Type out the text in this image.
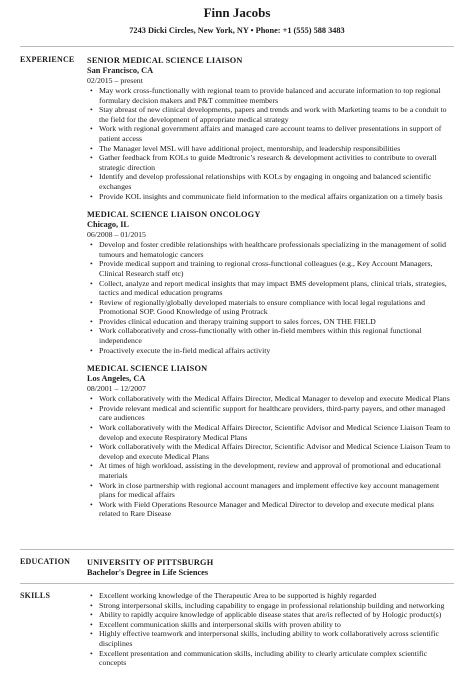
Finn Jacobs
7243 Dicki Circles, New York, NY • Phone: +1 (555) 588 3483
EXPERIENCE SENIOR MEDICAL SCIENCE LIAISON
San Francisco, CA
02/2015 – present
• May work cross-functionally with regional team to provide balanced and accurate information to top regional formulary decision makers and P&T committee members
• Stay abreast of new clinical developments, papers and trends and work with Marketing teams to be a conduit to the field for the development of appropriate medical strategy
• Work with regional government affairs and managed care account teams to deliver presentations in support of patient access
• The Manager level MSL will have additional project, mentorship, and leadership responsibilities
• Gather feedback from KOLs to guide Medtronic’s research & development activities to contribute to overall strategic direction
• Identify and develop professional relationships with KOLs by engaging in ongoing and balanced scientific exchanges
• Provide KOL insights and communicate field information to the medical affairs organization on a timely basis
MEDICAL SCIENCE LIAISON ONCOLOGY
Chicago, IL
06/2008 – 01/2015
• Develop and foster credible relationships with healthcare professionals specializing in the management of solid tumours and hematologic cancers
• Provide medical support and training to regional cross-functional colleagues (e.g., Key Account Managers, Clinical Research staff etc)
• Collect, analyze and report medical insights that may impact BMS development plans, clinical trials, strategies, tactics and medical education programs
• Review of regionally/globally developed materials to ensure compliance with local legal regulations and Promotional SOP. Good Knowledge of using Protrack
• Provides clinical education and therapy training support to sales forces, ON THE FIELD
• Work collaboratively and cross-functionally with other in-field members within this regional functional independence
• Proactively execute the in-field medical affairs activity
MEDICAL SCIENCE LIAISON
Los Angeles, CA
08/2001 – 12/2007
• Work collaboratively with the Medical Affairs Director, Medical Manager to develop and execute Medical Plans
• Provide relevant medical and scientific support for healthcare providers, third-party payers, and other managed care audiences
• Work collaboratively with the Medical Affairs Director, Scientific Advisor and Medical Science Liaison Team to develop and execute Respiratory Medical Plans
• Work collaboratively with the Medical Affairs Director, Scientific Advisor and Medical Science Liaison Team to develop and execute Medical Plans
• At times of high workload, assisting in the development, review and approval of promotional and educational materials
• Work in close partnership with regional account managers and implement effective key account management plans for medical affairs
• Work with Field Operations Resource Manager and Medical Director to develop and execute medical plans related to Rare Disease
EDUCATION UNIVERSITY OF PITTSBURGH
Bachelor's Degree in Life Sciences
SKILLS
•	Excellent working knowledge of the Therapeutic Area to be supported is highly regarded
• Strong interpersonal skills, including capability to engage in professional relationship building and networking
• Ability to rapidly acquire knowledge of applicable disease states that are/is reflected of by Hologic product(s)
• Excellent communication skills and interpersonal skills with proven ability to
• Highly effective teamwork and interpersonal skills, including ability to work collaboratively across scientific disciplines
• Excellent presentation and communication skills, including ability to clearly articulate complex scientific concepts
